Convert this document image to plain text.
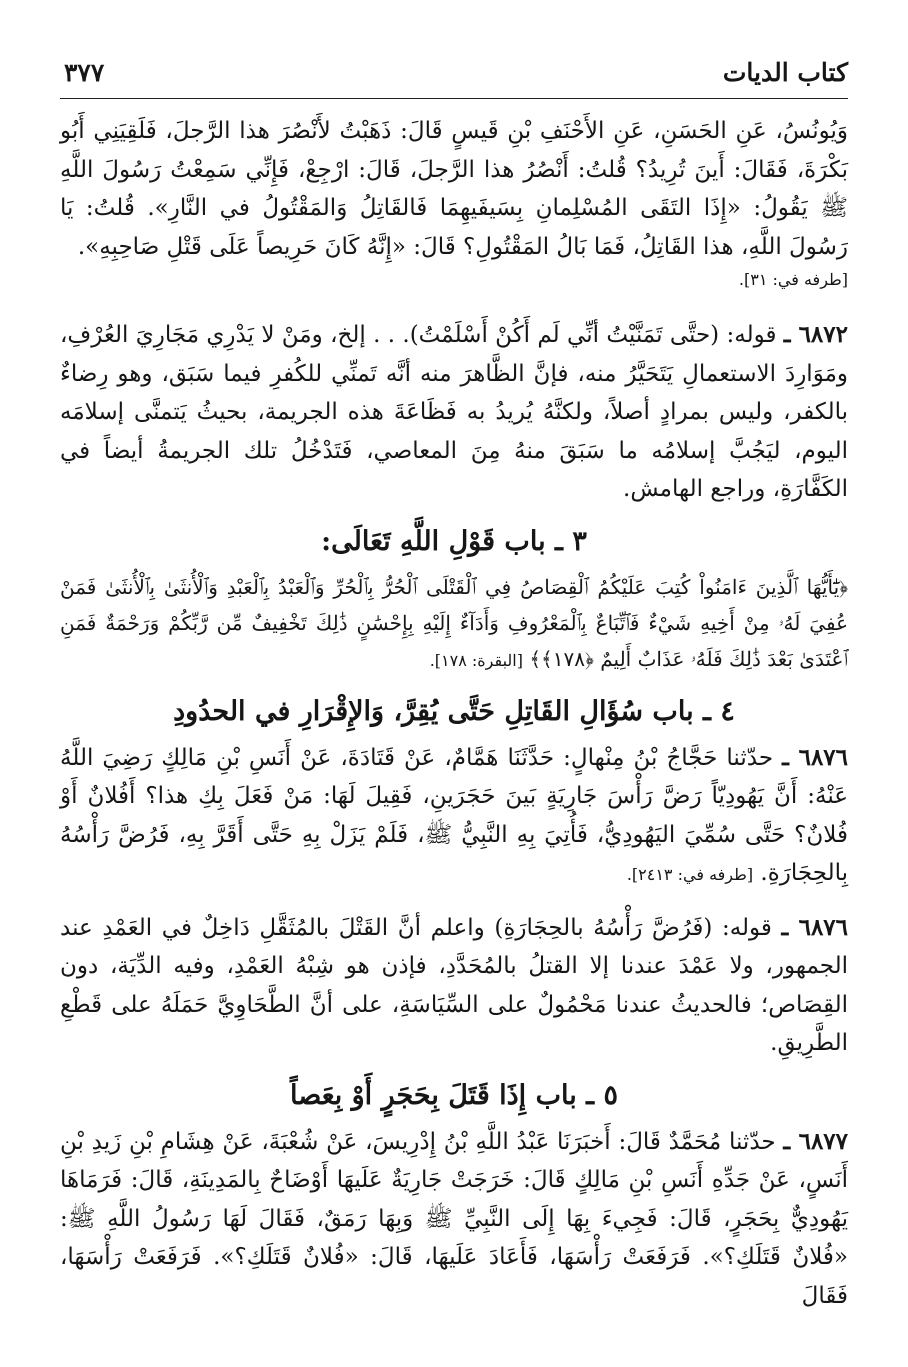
كتاب الديات
٣٧٧

وَيُونُسُ، عَنِ الحَسَنِ، عَنِ الأَحْنَفِ بْنِ قَيسٍ قَالَ: ذَهَبْتُ لأَنْصُرَ هذا الرَّجلَ، فَلَقِيَنِي أَبُو بَكْرَةَ، فَقَالَ: أَينَ تُرِيدُ؟ قُلتُ: أَنْصُرُ هذا الرَّجلَ، قَالَ: ارْجِعْ، فَإِنِّي سَمِعْتُ رَسُولَ اللَّهِ ﷺ يَقُولُ: «إِذَا التَقَى المُسْلِمانِ بِسَيفَيهِمَا فَالقَاتِلُ وَالمَقْتُولُ في النَّارِ». قُلتُ: يَا رَسُولَ اللَّهِ، هذا القَاتِلُ، فَمَا بَالُ المَقْتُولِ؟ قَالَ: «إِنَّهُ كَانَ حَرِيصاً عَلَى قَتْلِ صَاحِبِهِ».

[طرفه في: ٣١].

٦٨٧٢ ـ قوله: (حتَّى تَمَنَّيْتُ أنِّي لَم أَكُنْ أَسْلَمْتُ). . . إلخ، ومَنْ لا يَدْرِي مَجَارِيَ العُرْفِ، ومَوَارِدَ الاستعمالِ يَتَحَيَّرُ منه، فإنَّ الظَّاهرَ منه أنَّه تَمنِّي للكُفرِ فيما سَبَق، وهو رِضاءٌ بالكفر، وليس بمرادٍ أصلاً، ولكنَّهُ يُريدُ به فَظَاعَةَ هذه الجريمة، بحيثُ يَتمنَّى إسلامَه اليوم، ليَجُبَّ إسلامُه ما سَبَقَ منهُ مِنَ المعاصي، فَتَدْخُلُ تلك الجريمةُ أيضاً في الكَفَّارَةِ، وراجع الهامش.

٣ ـ باب قَوْلِ اللَّهِ تَعَالَى:

﴿يَٰٓأَيُّهَا ٱلَّذِينَ ءَامَنُواْ كُتِبَ عَلَيْكُمُ ٱلْقِصَاصُ فِي ٱلْقَتْلَى ٱلْحُرُّ بِٱلْحُرِّ وَٱلْعَبْدُ بِٱلْعَبْدِ وَٱلْأُنثَىٰ بِٱلْأُنثَىٰ فَمَنْ عُفِيَ لَهُۥ مِنْ أَخِيهِ شَيْءٌ فَٱتِّبَاعٌ بِٱلْمَعْرُوفِ وَأَدَآءٌ إِلَيْهِ بِإِحْسَٰنٍ ذَٰلِكَ تَخْفِيفٌ مِّن رَّبِّكُمْ وَرَحْمَةٌ فَمَنِ ٱعْتَدَىٰ بَعْدَ ذَٰلِكَ فَلَهُۥ عَذَابٌ أَلِيمٌ ﴿١٧٨﴾﴾ [البقرة: ١٧٨].

٤ ـ باب سُؤَالِ القَاتِلِ حَتَّى يُقِرَّ، وَالإِقْرَارِ في الحدُودِ

٦٨٧٦ ـ حدّثنا حَجَّاجُ بْنُ مِنْهالٍ: حَدَّثَنَا هَمَّامٌ، عَنْ قَتَادَةَ، عَنْ أَنَسِ بْنِ مَالِكٍ رَضِيَ اللَّهُ عَنْهُ: أَنَّ يَهُودِيّاً رَضَّ رَأْسَ جَارِيَةٍ بَينَ حَجَرَينِ، فَقِيلَ لَهَا: مَنْ فَعَلَ بِكِ هذا؟ أَفُلانٌ أَوْ فُلانٌ؟ حَتَّى سُمِّيَ اليَهُودِيُّ، فَأُتِيَ بِهِ النَّبِيُّ ﷺ، فَلَمْ يَزَلْ بِهِ حَتَّى أَقَرَّ بِهِ، فَرُضَّ رَأْسُهُ بِالحِجَارَةِ. [طرفه في: ٢٤١٣].

٦٨٧٦ ـ قوله: (فَرُضَّ رَأْسُهُ بالحِجَارَةِ) واعلم أنَّ القَتْلَ بالمُثَقَّلِ دَاخِلٌ في العَمْدِ عند الجمهور، ولا عَمْدَ عندنا إلا القتلُ بالمُحَدَّدِ، فإذن هو شِبْهُ العَمْدِ، وفيه الدِّيَة، دون القِصَاص؛ فالحديثُ عندنا مَحْمُولٌ على السِّيَاسَةِ، على أنَّ الطَّحَاوِيَّ حَمَلَهُ على قَطْعِ الطَّرِيقِ.

٥ ـ باب إِذَا قَتَلَ بِحَجَرٍ أَوْ بِعَصاً

٦٨٧٧ ـ حدّثنا مُحَمَّدٌ قَالَ: أَخبَرَنَا عَبْدُ اللَّهِ بْنُ إِدْرِيسَ، عَنْ شُعْبَةَ، عَنْ هِشَامِ بْنِ زَيدِ بْنِ أَنَسٍ، عَنْ جَدِّهِ أَنَسِ بْنِ مَالِكٍ قَالَ: خَرَجَتْ جَارِيَةٌ عَلَيهَا أَوْضَاحٌ بِالمَدِينَةِ، قَالَ: فَرَمَاهَا يَهُودِيٌّ بِحَجَرٍ، قَالَ: فَجِيءَ بِهَا إِلَى النَّبِيِّ ﷺ وَبِهَا رَمَقٌ، فَقَالَ لَهَا رَسُولُ اللَّهِ ﷺ: «فُلانٌ قَتَلَكِ؟». فَرَفَعَتْ رَأْسَهَا، فَأَعَادَ عَلَيهَا، قَالَ: «فُلانٌ قَتَلَكِ؟». فَرَفَعَتْ رَأْسَهَا، فَقَالَ
